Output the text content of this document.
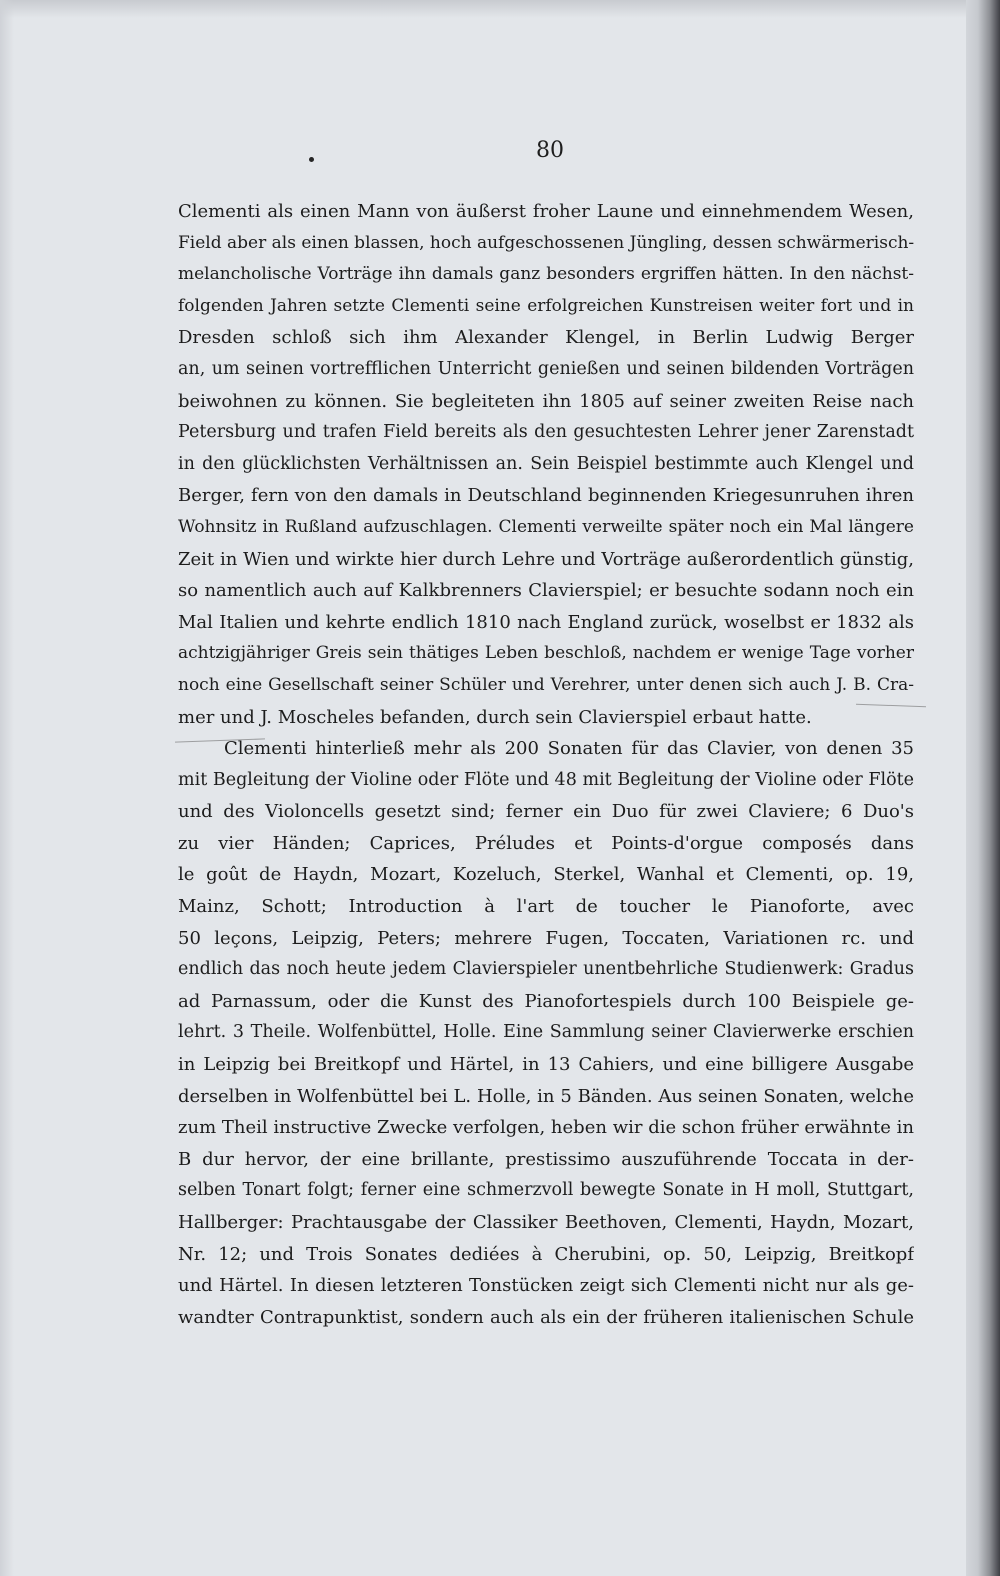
80
Clementi als einen Mann von äußerst froher Laune und einnehmendem Wesen,
Field aber als einen blassen, hoch aufgeschossenen Jüngling, dessen schwärmerisch-
melancholische Vorträge ihn damals ganz besonders ergriffen hätten. In den nächst-
folgenden Jahren setzte Clementi seine erfolgreichen Kunstreisen weiter fort und in
Dresden schloß sich ihm Alexander Klengel, in Berlin Ludwig Berger
an, um seinen vortrefflichen Unterricht genießen und seinen bildenden Vorträgen
beiwohnen zu können. Sie begleiteten ihn 1805 auf seiner zweiten Reise nach
Petersburg und trafen Field bereits als den gesuchtesten Lehrer jener Zarenstadt
in den glücklichsten Verhältnissen an. Sein Beispiel bestimmte auch Klengel und
Berger, fern von den damals in Deutschland beginnenden Kriegesunruhen ihren
Wohnsitz in Rußland aufzuschlagen. Clementi verweilte später noch ein Mal längere
Zeit in Wien und wirkte hier durch Lehre und Vorträge außerordentlich günstig,
so namentlich auch auf Kalkbrenners Clavierspiel; er besuchte sodann noch ein
Mal Italien und kehrte endlich 1810 nach England zurück, woselbst er 1832 als
achtzigjähriger Greis sein thätiges Leben beschloß, nachdem er wenige Tage vorher
noch eine Gesellschaft seiner Schüler und Verehrer, unter denen sich auch J. B. Cra-
mer und J. Moscheles befanden, durch sein Clavierspiel erbaut hatte.
Clementi hinterließ mehr als 200 Sonaten für das Clavier, von denen 35
mit Begleitung der Violine oder Flöte und 48 mit Begleitung der Violine oder Flöte
und des Violoncells gesetzt sind; ferner ein Duo für zwei Claviere; 6 Duo's
zu vier Händen; Caprices, Préludes et Points-d'orgue composés dans
le goût de Haydn, Mozart, Kozeluch, Sterkel, Wanhal et Clementi, op. 19,
Mainz, Schott; Introduction à l'art de toucher le Pianoforte, avec
50 leçons, Leipzig, Peters; mehrere Fugen, Toccaten, Variationen rc. und
endlich das noch heute jedem Clavierspieler unentbehrliche Studienwerk: Gradus
ad Parnassum, oder die Kunst des Pianofortespiels durch 100 Beispiele ge-
lehrt. 3 Theile. Wolfenbüttel, Holle. Eine Sammlung seiner Clavierwerke erschien
in Leipzig bei Breitkopf und Härtel, in 13 Cahiers, und eine billigere Ausgabe
derselben in Wolfenbüttel bei L. Holle, in 5 Bänden. Aus seinen Sonaten, welche
zum Theil instructive Zwecke verfolgen, heben wir die schon früher erwähnte in
B dur hervor, der eine brillante, prestissimo auszuführende Toccata in der-
selben Tonart folgt; ferner eine schmerzvoll bewegte Sonate in H moll, Stuttgart,
Hallberger: Prachtausgabe der Classiker Beethoven, Clementi, Haydn, Mozart,
Nr. 12; und Trois Sonates dediées à Cherubini, op. 50, Leipzig, Breitkopf
und Härtel. In diesen letzteren Tonstücken zeigt sich Clementi nicht nur als ge-
wandter Contrapunktist, sondern auch als ein der früheren italienischen Schule
